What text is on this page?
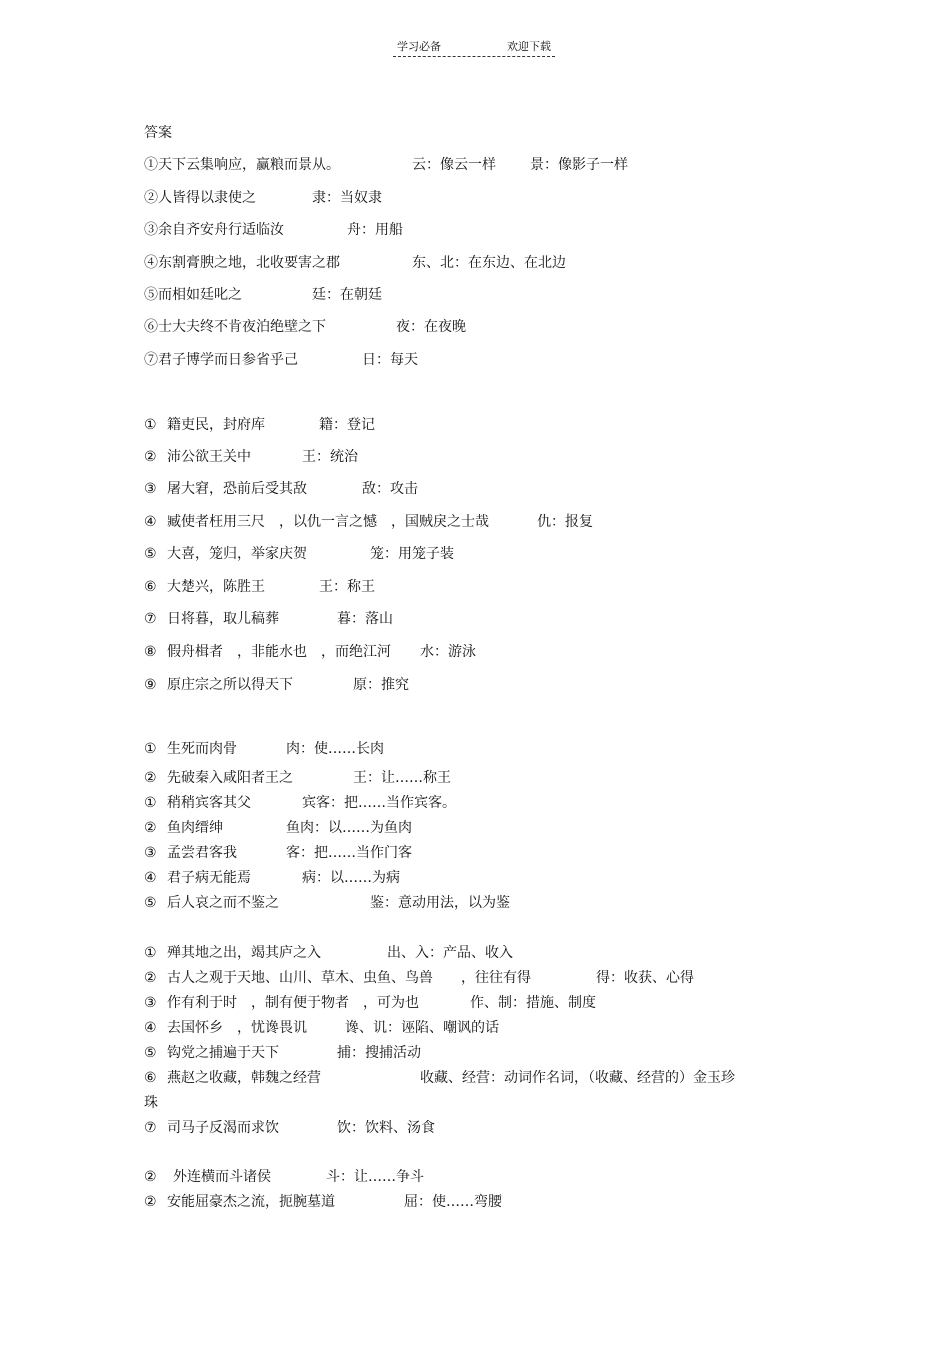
学习必备	欢迎下载
答案
①天下云集响应，赢粮而景从。	云：像云一样 景：像影子一样
②人皆得以隶使之	隶：当奴隶
③余自齐安舟行适临汝	舟：用船
④东割膏腴之地，北收要害之郡	东、北：在东边、在北边
⑤而相如廷叱之	廷：在朝廷
⑥士大夫终不肯夜泊绝壁之下	夜：在夜晚
⑦君子博学而日参省乎己	日：每天
① 籍吏民，封府库	籍：登记
② 沛公欲王关中	王：统治
③ 屠大窘，恐前后受其敌	敌：攻击
④ 臧使者枉用三尺　，以仇一言之憾　，国贼戾之士哉	仇：报复
⑤ 大喜，笼归，举家庆贺	笼：用笼子装
⑥ 大楚兴，陈胜王	王：称王
⑦ 日将暮，取儿稿葬	暮：落山
⑧ 假舟楫者　，非能水也　，而绝江河 水：游泳
⑨ 原庄宗之所以得天下	原：推究
① 生死而肉骨	肉：使……长肉
② 先破秦入咸阳者王之	王：让……称王
① 稍稍宾客其父	宾客：把……当作宾客。
② 鱼肉缙绅	鱼肉：以……为鱼肉
③ 孟尝君客我	客：把……当作门客
④ 君子病无能焉	病：以……为病
⑤ 后人哀之而不鉴之	鉴：意动用法，以为鉴
① 殚其地之出，竭其庐之入	出、入：产品、收入
② 古人之观于天地、山川、草木、虫鱼、鸟兽　　，往往有得	得：收获、心得
③ 作有利于时　，制有便于物者　，可为也	作、制：措施、制度
④ 去国怀乡　，忧谗畏讥	谗、讥：诬陷、嘲讽的话
⑤ 钩党之捕遍于天下	捕：搜捕活动
⑥ 燕赵之收藏，韩魏之经营	收藏、经营：动词作名词，（收藏、经营的）金玉珍
珠
⑦ 司马子反渴而求饮	饮：饮料、汤食
② 外连横而斗诸侯	斗：让……争斗
② 安能屈豪杰之流，扼腕墓道	屈：使……弯腰
